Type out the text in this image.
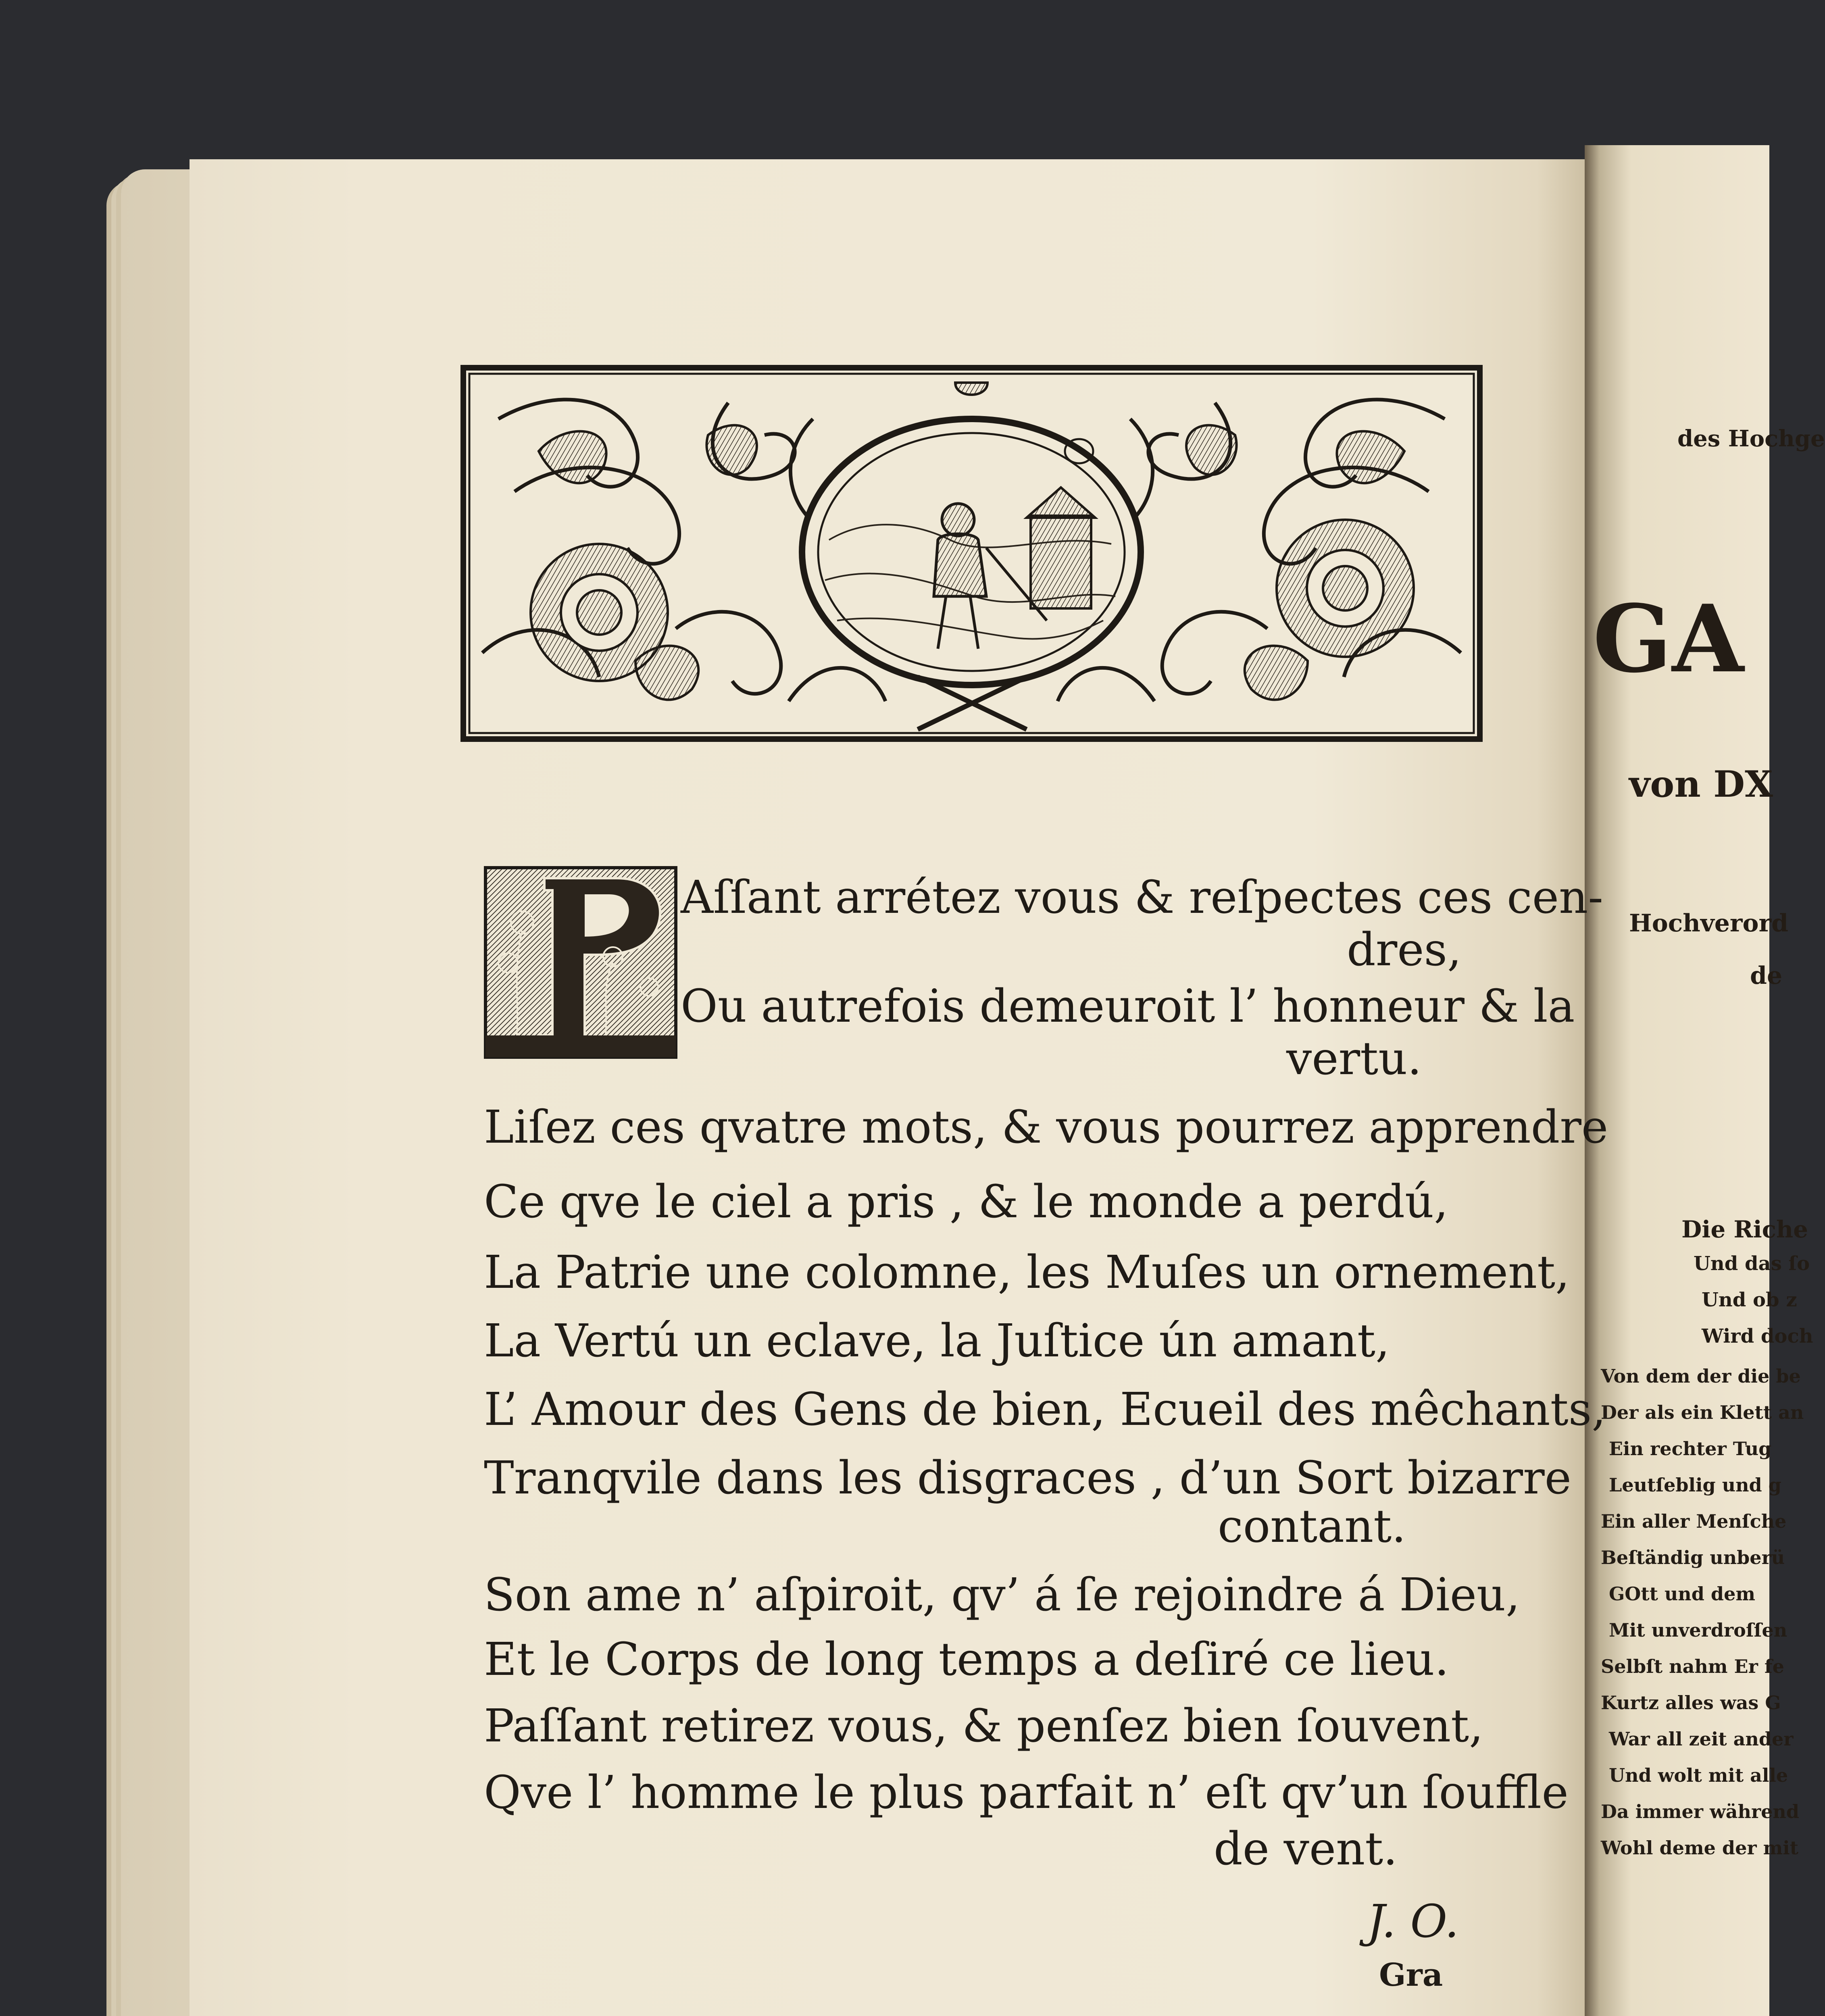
Aſſant arrétez vous & reſpectes ces cen-
dres,
Ou autrefois demeuroit l’ honneur & la
vertu.
Liſez ces qvatre mots, & vous pourrez apprendre
Ce qve le ciel a pris , & le monde a perdú,
La Patrie une colomne, les Muſes un ornement,
La Vertú un eclave, la Juſtice ún amant,
L’ Amour des Gens de bien, Ecueil des mêchants,
Tranqvile dans les disgraces , d’un Sort bizarre
contant.
Son ame n’ aſpiroit, qv’ á ſe rejoindre á Dieu,
Et le Corps de long temps a deſiré ce lieu.
Paſſant retirez vous, & penſez bien ſouvent,
Qve l’ homme le plus parfait n’ eſt qv’un ſouffle
de vent.
J. O.
Gra
des Hochge
GA
von DX
Hochverord
de
Die Riche
Und das ſo
Und ob z
Wird doch
Von dem der die be
Der als ein Klett an
Ein rechter Tug
Leutſeblig und g
Ein aller Menſche
Beſtändig unberü
GOtt und dem
Mit unverdroſſen
Selbſt nahm Er fe
Kurtz alles was G
War all zeit ander
Und wolt mit alle
Da immer während
Wohl deme der mit
